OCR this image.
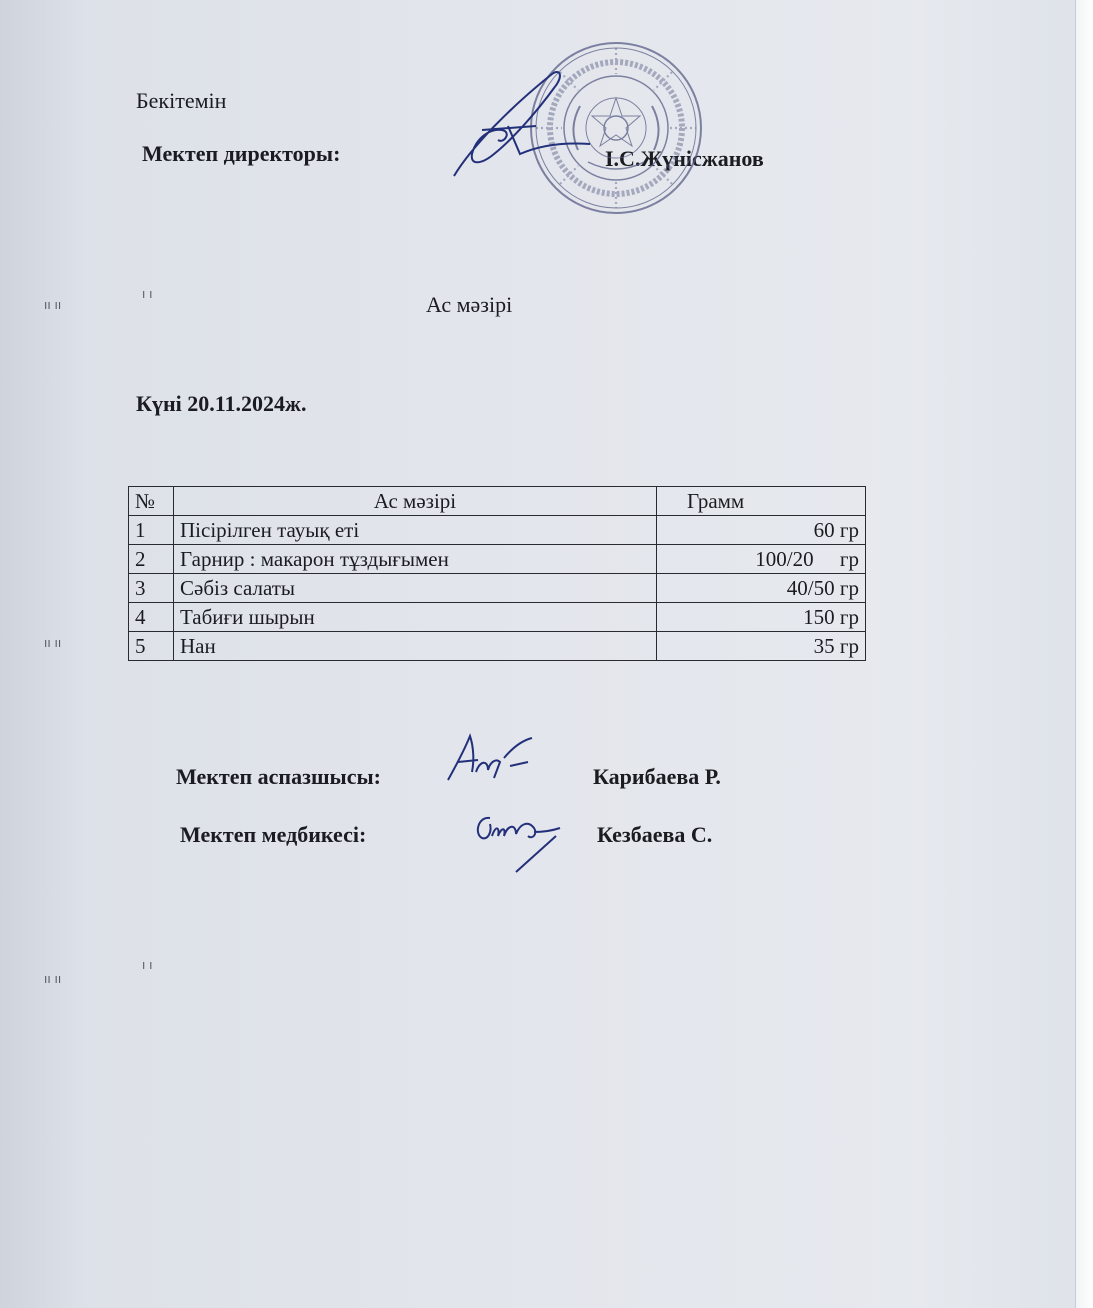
ıı ıı
ıı ıı
ıı ıı
ı ı
ı ı
Бекітемін
Мектеп директоры:	І.С.Жүнісжанов
Ас мәзірі
Күні 20.11.2024ж.
№	Ас мәзірі	Грамм
1	Пісірілген тауық еті	60 гр
2	Гарнир : макарон тұздығымен	100/20     гр
3	Сәбіз салаты	40/50 гр
4	Табиғи шырын	150 гр
5	Нан	35 гр
Мектеп аспазшысы:	Карибаева Р.
Мектеп медбикесі:	Кезбаева С.
